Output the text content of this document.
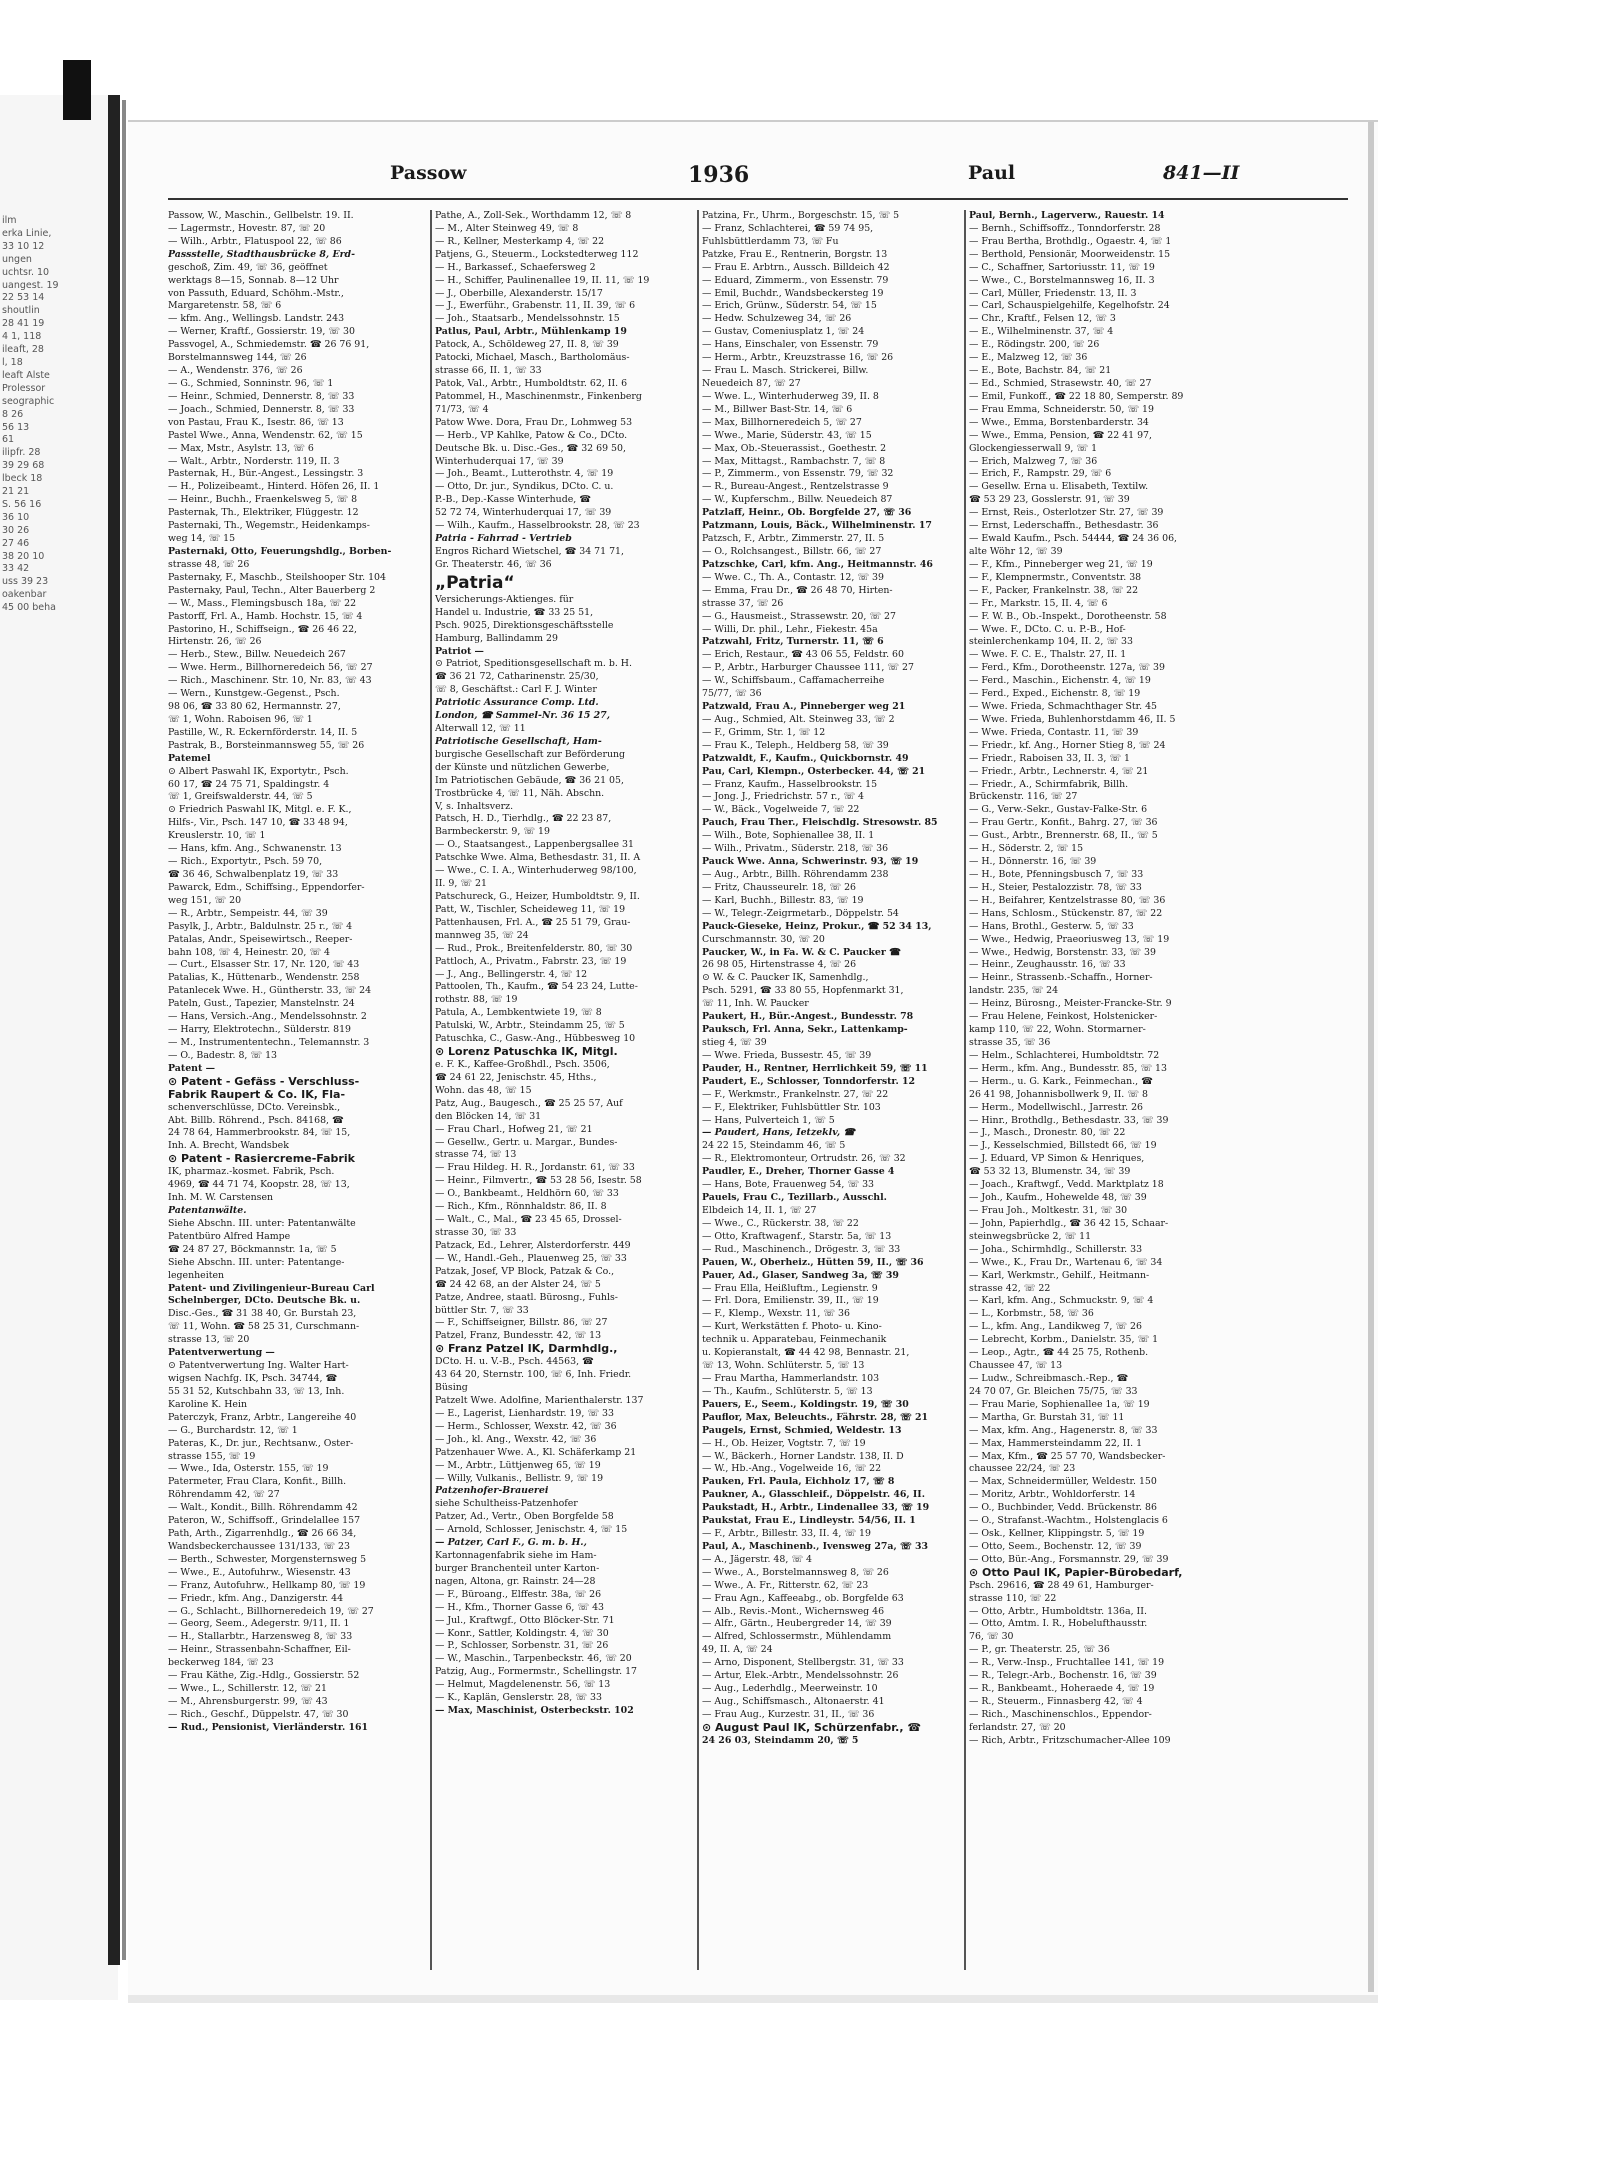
ilm
erka Linie,
33 10 12
ungen
uchtsr. 10
uangest. 19
22 53 14
shoutlin
28 41 19
4 1, 118
ileaft, 28
l, 18
leaft Alste
Prolessor
seographic
8 26
56 13
61
ilipfr. 28
39 29 68
lbeck 18
21 21
S. 56 16
36 10
30 26
27 46
38 20 10
33 42
uss 39 23
oakenbar
45 00 beha
Passow	1936	Paul	841—II
Passow, W., Maschin., Gellbelstr. 19. II.
— Lagermstr., Hovestr. 87, ☏ 20
— Wilh., Arbtr., Flatuspool 22, ☏ 86
Passstelle, Stadthausbrücke 8, Erd-
geschoß, Zim. 49, ☏ 36, geöffnet
werktags 8—15, Sonnab. 8—12 Uhr
von Passuth, Eduard, Schöhm.-Mstr.,
Margaretenstr. 58, ☏ 6
— kfm. Ang., Wellingsb. Landstr. 243
— Werner, Kraftf., Gossierstr. 19, ☏ 30
Passvogel, A., Schmiedemstr. ☎ 26 76 91,
Borstelmannsweg 144, ☏ 26
— A., Wendenstr. 376, ☏ 26
— G., Schmied, Sonninstr. 96, ☏ 1
— Heinr., Schmied, Dennerstr. 8, ☏ 33
— Joach., Schmied, Dennerstr. 8, ☏ 33
von Pastau, Frau K., Isestr. 86, ☏ 13
Pastel Wwe., Anna, Wendenstr. 62, ☏ 15
— Max, Mstr., Asylstr. 13, ☏ 6
— Walt., Arbtr., Norderstr. 119, II. 3
Pasternak, H., Bür.-Angest., Lessingstr. 3
— H., Polizeibeamt., Hinterd. Höfen 26, II. 1
— Heinr., Buchh., Fraenkelsweg 5, ☏ 8
Pasternak, Th., Elektriker, Flüggestr. 12
Pasternaki, Th., Wegemstr., Heidenkamps-
weg 14, ☏ 15
Pasternaki, Otto, Feuerungshdlg., Borben-
strasse 48, ☏ 26
Pasternaky, F., Maschb., Steilshooper Str. 104
Pasternaky, Paul, Techn., Alter Bauerberg 2
— W., Mass., Flemingsbusch 18a, ☏ 22
Pastorff, Frl. A., Hamb. Hochstr. 15, ☏ 4
Pastorino, H., Schiffseign., ☎ 26 46 22,
Hirtenstr. 26, ☏ 26
— Herb., Stew., Billw. Neuedeich 267
— Wwe. Herm., Billhorneredeich 56, ☏ 27
— Rich., Maschinenr. Str. 10, Nr. 83, ☏ 43
— Wern., Kunstgew.-Gegenst., Psch.
98 06, ☎ 33 80 62, Hermannstr. 27,
☏ 1, Wohn. Raboisen 96, ☏ 1
Pastille, W., R. Eckernförderstr. 14, II. 5
Pastrak, B., Borsteinmannsweg 55, ☏ 26
Patemel
⊙ Albert Paswahl IK, Exportytr., Psch.
60 17, ☎ 24 75 71, Spaldingstr. 4
☏ 1, Greifswalderstr. 44, ☏ 5
⊙ Friedrich Paswahl IK, Mitgl. e. F. K.,
Hilfs-, Vir., Psch. 147 10, ☎ 33 48 94,
Kreuslerstr. 10, ☏ 1
— Hans, kfm. Ang., Schwanenstr. 13
— Rich., Exportytr., Psch. 59 70,
☎ 36 46, Schwalbenplatz 19, ☏ 33
Pawarck, Edm., Schiffsing., Eppendorfer-
weg 151, ☏ 20
— R., Arbtr., Sempeistr. 44, ☏ 39
Pasylk, J., Arbtr., Baldulnstr. 25 r., ☏ 4
Patalas, Andr., Speisewirtsch., Reeper-
bahn 108, ☏ 4, Heinestr. 20, ☏ 4
— Curt., Elsasser Str. 17, Nr. 120, ☏ 43
Patalias, K., Hüttenarb., Wendenstr. 258
Patanlecek Wwe. H., Güntherstr. 33, ☏ 24
Pateln, Gust., Tapezier, Manstelnstr. 24
— Hans, Versich.-Ang., Mendelssohnstr. 2
— Harry, Elektrotechn., Sülderstr. 819
— M., Instrumententechn., Telemannstr. 3
— O., Badestr. 8, ☏ 13
Patent —
⊙ Patent - Gefäss - Verschluss-
Fabrik Raupert & Co. IK, Fla-
schenverschlüsse, DCto. Vereinsbk.,
Abt. Billb. Röhrend., Psch. 84168, ☎
24 78 64, Hammerbrookstr. 84, ☏ 15,
Inh. A. Brecht, Wandsbek
⊙ Patent - Rasiercreme-Fabrik
IK, pharmaz.-kosmet. Fabrik, Psch.
4969, ☎ 44 71 74, Koopstr. 28, ☏ 13,
Inh. M. W. Carstensen
Patentanwälte.
Siehe Abschn. III. unter: Patentanwälte
Patentbüro Alfred Hampe
☎ 24 87 27, Böckmannstr. 1a, ☏ 5
Siehe Abschn. III. unter: Patentange-
legenheiten
Patent- und Zivilingenieur-Bureau Carl
Schelnberger, DCto. Deutsche Bk. u.
Disc.-Ges., ☎ 31 38 40, Gr. Burstah 23,
☏ 11, Wohn. ☎ 58 25 31, Curschmann-
strasse 13, ☏ 20
Patentverwertung —
⊙ Patentverwertung Ing. Walter Hart-
wigsen Nachfg. IK, Psch. 34744, ☎
55 31 52, Kutschbahn 33, ☏ 13, Inh.
Karoline K. Hein
Paterczyk, Franz, Arbtr., Langereihe 40
— G., Burchardstr. 12, ☏ 1
Pateras, K., Dr. jur., Rechtsanw., Oster-
strasse 155, ☏ 19
— Wwe., Ida, Osterstr. 155, ☏ 19
Patermeter, Frau Clara, Konfit., Billh.
Röhrendamm 42, ☏ 27
— Walt., Kondit., Billh. Röhrendamm 42
Pateron, W., Schiffsoff., Grindelallee 157
Path, Arth., Zigarrenhdlg., ☎ 26 66 34,
Wandsbeckerchaussee 131/133, ☏ 23
— Berth., Schwester, Morgensternsweg 5
— Wwe., E., Autofuhrw., Wiesenstr. 43
— Franz, Autofuhrw., Hellkamp 80, ☏ 19
— Friedr., kfm. Ang., Danzigerstr. 44
— G., Schlacht., Billhorneredeich 19, ☏ 27
— Georg, Seem., Adegerstr. 9/11, II. 1
— H., Stallarbtr., Harzensweg 8, ☏ 33
— Heinr., Strassenbahn-Schaffner, Eil-
beckerweg 184, ☏ 23
— Frau Käthe, Zig.-Hdlg., Gossierstr. 52
— Wwe., L., Schillerstr. 12, ☏ 21
— M., Ahrensburgerstr. 99, ☏ 43
— Rich., Geschf., Düppelstr. 47, ☏ 30
— Rud., Pensionist, Vierländerstr. 161
Pathe, A., Zoll-Sek., Worthdamm 12, ☏ 8
— M., Alter Steinweg 49, ☏ 8
— R., Kellner, Mesterkamp 4, ☏ 22
Patjens, G., Steuerm., Lockstedterweg 112
— H., Barkassef., Schaefersweg 2
— H., Schiffer, Paulinenallee 19, II. 11, ☏ 19
— J., Oberbille, Alexanderstr. 15/17
— J., Ewerführ., Grabenstr. 11, II. 39, ☏ 6
— Joh., Staatsarb., Mendelssohnstr. 15
Patlus, Paul, Arbtr., Mühlenkamp 19
Patock, A., Schöldeweg 27, II. 8, ☏ 39
Patocki, Michael, Masch., Bartholomäus-
strasse 66, II. 1, ☏ 33
Patok, Val., Arbtr., Humboldtstr. 62, II. 6
Patommel, H., Maschinenmstr., Finkenberg
71/73, ☏ 4
Patow Wwe. Dora, Frau Dr., Lohmweg 53
— Herb., VP Kahlke, Patow & Co., DCto.
Deutsche Bk. u. Disc.-Ges., ☎ 32 69 50,
Winterhuderquai 17, ☏ 39
— Joh., Beamt., Lutterothstr. 4, ☏ 19
— Otto, Dr. jur., Syndikus, DCto. C. u.
P.-B., Dep.-Kasse Winterhude, ☎
52 72 74, Winterhuderquai 17, ☏ 39
— Wilh., Kaufm., Hasselbrookstr. 28, ☏ 23
Patria - Fahrrad - Vertrieb
Engros Richard Wietschel, ☎ 34 71 71,
Gr. Theaterstr. 46, ☏ 36
„Patria“
Versicherungs-Aktienges. für
Handel u. Industrie, ☎ 33 25 51,
Psch. 9025, Direktionsgeschäftsstelle
Hamburg, Ballindamm 29
Patriot —
⊙ Patriot, Speditionsgesellschaft m. b. H.
☎ 36 21 72, Catharinenstr. 25/30,
☏ 8, Geschäftst.: Carl F. J. Winter
Patriotic Assurance Comp. Ltd.
London, ☎ Sammel-Nr. 36 15 27,
Alterwall 12, ☏ 11
Patriotische Gesellschaft, Ham-
burgische Gesellschaft zur Beförderung
der Künste und nützlichen Gewerbe,
Im Patriotischen Gebäude, ☎ 36 21 05,
Trostbrücke 4, ☏ 11, Näh. Abschn.
V, s. Inhaltsverz.
Patsch, H. D., Tierhdlg., ☎ 22 23 87,
Barmbeckerstr. 9, ☏ 19
— O., Staatsangest., Lappenbergsallee 31
Patschke Wwe. Alma, Bethesdastr. 31, II. A
— Wwe., C. I. A., Winterhuderweg 98/100,
II. 9, ☏ 21
Patschureck, G., Heizer, Humboldtstr. 9, II.
Patt, W., Tischler, Scheideweg 11, ☏ 19
Pattenhausen, Frl. A., ☎ 25 51 79, Grau-
mannweg 35, ☏ 24
— Rud., Prok., Breitenfelderstr. 80, ☏ 30
Pattloch, A., Privatm., Fabrstr. 23, ☏ 19
— J., Ang., Bellingerstr. 4, ☏ 12
Pattoolen, Th., Kaufm., ☎ 54 23 24, Lutte-
rothstr. 88, ☏ 19
Patula, A., Lembkentwiete 19, ☏ 8
Patulski, W., Arbtr., Steindamm 25, ☏ 5
Patuschka, C., Gasw.-Ang., Hübbesweg 10
⊙ Lorenz Patuschka IK, Mitgl.
e. F. K., Kaffee-Großhdl., Psch. 3506,
☎ 24 61 22, Jenischstr. 45, Hths.,
Wohn. das 48, ☏ 15
Patz, Aug., Baugesch., ☎ 25 25 57, Auf
den Blöcken 14, ☏ 31
— Frau Charl., Hofweg 21, ☏ 21
— Gesellw., Gertr. u. Margar., Bundes-
strasse 74, ☏ 13
— Frau Hildeg. H. R., Jordanstr. 61, ☏ 33
— Heinr., Filmvertr., ☎ 53 28 56, Isestr. 58
— O., Bankbeamt., Heldhörn 60, ☏ 33
— Rich., Kfm., Rönnhaldstr. 86, II. 8
— Walt., C., Mal., ☎ 23 45 65, Drossel-
strasse 30, ☏ 33
Patzack, Ed., Lehrer, Alsterdorferstr. 449
— W., Handl.-Geh., Plauenweg 25, ☏ 33
Patzak, Josef, VP Block, Patzak & Co.,
☎ 24 42 68, an der Alster 24, ☏ 5
Patze, Andree, staatl. Bürosng., Fuhls-
büttler Str. 7, ☏ 33
— F., Schiffseigner, Billstr. 86, ☏ 27
Patzel, Franz, Bundesstr. 42, ☏ 13
⊙ Franz Patzel IK, Darmhdlg.,
DCto. H. u. V.-B., Psch. 44563, ☎
43 64 20, Sternstr. 100, ☏ 6, Inh. Friedr.
Büsing
Patzelt Wwe. Adolfine, Marienthalerstr. 137
— E., Lagerist, Lienhardstr. 19, ☏ 33
— Herm., Schlosser, Wexstr. 42, ☏ 36
— Joh., kl. Ang., Wexstr. 42, ☏ 36
Patzenhauer Wwe. A., Kl. Schäferkamp 21
— M., Arbtr., Lüttjenweg 65, ☏ 19
— Willy, Vulkanis., Bellistr. 9, ☏ 19
Patzenhofer-Brauerei
siehe Schultheiss-Patzenhofer
Patzer, Ad., Vertr., Oben Borgfelde 58
— Arnold, Schlosser, Jenischstr. 4, ☏ 15
— Patzer, Carl F., G. m. b. H.,
Kartonnagenfabrik siehe im Ham-
burger Branchenteil unter Karton-
nagen, Altona, gr. Rainstr. 24—28
— F., Büroang., Elffestr. 38a, ☏ 26
— H., Kfm., Thorner Gasse 6, ☏ 43
— Jul., Kraftwgf., Otto Blöcker-Str. 71
— Konr., Sattler, Koldingstr. 4, ☏ 30
— P., Schlosser, Sorbenstr. 31, ☏ 26
— W., Maschin., Tarpenbeckstr. 46, ☏ 20
Patzig, Aug., Formermstr., Schellingstr. 17
— Helmut, Magdelenenstr. 56, ☏ 13
— K., Kaplän, Genslerstr. 28, ☏ 33
— Max, Maschinist, Osterbeckstr. 102
Patzina, Fr., Uhrm., Borgeschstr. 15, ☏ 5
— Franz, Schlachterei, ☎ 59 74 95,
Fuhlsbüttlerdamm 73, ☏ Fu
Patzke, Frau E., Rentnerin, Borgstr. 13
— Frau E. Arbtrn., Aussch. Billdeich 42
— Eduard, Zimmerm., von Essenstr. 79
— Emil, Buchdr., Wandsbeckersteg 19
— Erich, Grünw., Süderstr. 54, ☏ 15
— Hedw. Schulzeweg 34, ☏ 26
— Gustav, Comeniusplatz 1, ☏ 24
— Hans, Einschaler, von Essenstr. 79
— Herm., Arbtr., Kreuzstrasse 16, ☏ 26
— Frau L. Masch. Strickerei, Billw.
Neuedeich 87, ☏ 27
— Wwe. L., Winterhuderweg 39, II. 8
— M., Billwer Bast-Str. 14, ☏ 6
— Max, Billhorneredeich 5, ☏ 27
— Wwe., Marie, Süderstr. 43, ☏ 15
— Max, Ob.-Steuerassist., Goethestr. 2
— Max, Mittagst., Rambachstr. 7, ☏ 8
— P., Zimmerm., von Essenstr. 79, ☏ 32
— R., Bureau-Angest., Rentzelstrasse 9
— W., Kupferschm., Billw. Neuedeich 87
Patzlaff, Heinr., Ob. Borgfelde 27, ☏ 36
Patzmann, Louis, Bäck., Wilhelminenstr. 17
Patzsch, F., Arbtr., Zimmerstr. 27, II. 5
— O., Rolchsangest., Billstr. 66, ☏ 27
Patzschke, Carl, kfm. Ang., Heitmannstr. 46
— Wwe. C., Th. A., Contastr. 12, ☏ 39
— Emma, Frau Dr., ☎ 26 48 70, Hirten-
strasse 37, ☏ 26
— G., Hausmeist., Strassewstr. 20, ☏ 27
— Willi, Dr. phil., Lehr., Fiekestr. 45a
Patzwahl, Fritz, Turnerstr. 11, ☏ 6
— Erich, Restaur., ☎ 43 06 55, Feldstr. 60
— P., Arbtr., Harburger Chaussee 111, ☏ 27
— W., Schiffsbaum., Caffamacherreihe
75/77, ☏ 36
Patzwald, Frau A., Pinneberger weg 21
— Aug., Schmied, Alt. Steinweg 33, ☏ 2
— F., Grimm, Str. 1, ☏ 12
— Frau K., Teleph., Heldberg 58, ☏ 39
Patzwaldt, F., Kaufm., Quickbornstr. 49
Pau, Carl, Klempn., Osterbecker. 44, ☏ 21
— Franz, Kaufm., Hasselbrookstr. 15
— Jong. J., Friedrichstr. 57 r., ☏ 4
— W., Bäck., Vogelweide 7, ☏ 22
Pauch, Frau Ther., Fleischdlg. Stresowstr. 85
— Wilh., Bote, Sophienallee 38, II. 1
— Wilh., Privatm., Süderstr. 218, ☏ 36
Pauck Wwe. Anna, Schwerinstr. 93, ☏ 19
— Aug., Arbtr., Billh. Röhrendamm 238
— Fritz, Chausseurelr. 18, ☏ 26
— Karl, Buchh., Billestr. 83, ☏ 19
— W., Telegr.-Zeigrmetarb., Döppelstr. 54
Pauck-Gieseke, Heinz, Prokur., ☎ 52 34 13,
Curschmannstr. 30, ☏ 20
Paucker, W., in Fa. W. & C. Paucker ☎
26 98 05, Hirtenstrasse 4, ☏ 26
⊙ W. & C. Paucker IK, Samenhdlg.,
Psch. 5291, ☎ 33 80 55, Hopfenmarkt 31,
☏ 11, Inh. W. Paucker
Paukert, H., Bür.-Angest., Bundesstr. 78
Pauksch, Frl. Anna, Sekr., Lattenkamp-
stieg 4, ☏ 39
— Wwe. Frieda, Bussestr. 45, ☏ 39
Pauder, H., Rentner, Herrlichkeit 59, ☏ 11
Paudert, E., Schlosser, Tonndorferstr. 12
— F., Werkmstr., Frankelnstr. 27, ☏ 22
— F., Elektriker, Fuhlsbüttler Str. 103
— Hans, Pulverteich 1, ☏ 5
— Paudert, Hans, Ietzeklv, ☎
24 22 15, Steindamm 46, ☏ 5
— R., Elektromonteur, Ortrudstr. 26, ☏ 32
Paudler, E., Dreher, Thorner Gasse 4
— Hans, Bote, Frauenweg 54, ☏ 33
Pauels, Frau C., Tezillarb., Ausschl.
Elbdeich 14, II. 1, ☏ 27
— Wwe., C., Rückerstr. 38, ☏ 22
— Otto, Kraftwagenf., Starstr. 5a, ☏ 13
— Rud., Maschinench., Drögestr. 3, ☏ 33
Pauen, W., Oberheiz., Hütten 59, II., ☏ 36
Pauer, Ad., Glaser, Sandweg 3a, ☏ 39
— Frau Ella, Heißluftm., Legienstr. 9
— Frl. Dora, Emilienstr. 39, II., ☏ 19
— F., Klemp., Wexstr. 11, ☏ 36
— Kurt, Werkstätten f. Photo- u. Kino-
technik u. Apparatebau, Feinmechanik
u. Kopieranstalt, ☎ 44 42 98, Bennastr. 21,
☏ 13, Wohn. Schlüterstr. 5, ☏ 13
— Frau Martha, Hammerlandstr. 103
— Th., Kaufm., Schlüterstr. 5, ☏ 13
Pauers, E., Seem., Koldingstr. 19, ☏ 30
Pauflor, Max, Beleuchts., Fährstr. 28, ☏ 21
Paugels, Ernst, Schmied, Weldestr. 13
— H., Ob. Heizer, Vogtstr. 7, ☏ 19
— W., Bäckerh., Horner Landstr. 138, II. D
— W., Hb.-Ang., Vogelweide 16, ☏ 22
Pauken, Frl. Paula, Eichholz 17, ☏ 8
Paukner, A., Glasschleif., Döppelstr. 46, II.
Paukstadt, H., Arbtr., Lindenallee 33, ☏ 19
Paukstat, Frau E., Lindleystr. 54/56, II. 1
— F., Arbtr., Billestr. 33, II. 4, ☏ 19
Paul, A., Maschinenb., Ivensweg 27a, ☏ 33
— A., Jägerstr. 48, ☏ 4
— Wwe., A., Borstelmannsweg 8, ☏ 26
— Wwe., A. Fr., Ritterstr. 62, ☏ 23
— Frau Agn., Kaffeeabg., ob. Borgfelde 63
— Alb., Revis.-Mont., Wichernsweg 46
— Alfr., Gärtn., Heubergreder 14, ☏ 39
— Alfred, Schlossermstr., Mühlendamm
49, II. A, ☏ 24
— Arno, Disponent, Stellbergstr. 31, ☏ 33
— Artur, Elek.-Arbtr., Mendelssohnstr. 26
— Aug., Lederhdlg., Meerweinstr. 10
— Aug., Schiffsmasch., Altonaerstr. 41
— Frau Aug., Kurzestr. 31, II., ☏ 36
⊙ August Paul IK, Schürzenfabr., ☎
24 26 03, Steindamm 20, ☏ 5
Paul, Bernh., Lagerverw., Rauestr. 14
— Bernh., Schiffsoffz., Tonndorferstr. 28
— Frau Bertha, Brothdlg., Ogaestr. 4, ☏ 1
— Berthold, Pensionär, Moorweidenstr. 15
— C., Schaffner, Sartoriusstr. 11, ☏ 19
— Wwe., C., Borstelmannsweg 16, II. 3
— Carl, Müller, Friedenstr. 13, II. 3
— Carl, Schauspielgehilfe, Kegelhofstr. 24
— Chr., Kraftf., Felsen 12, ☏ 3
— E., Wilhelminenstr. 37, ☏ 4
— E., Rödingstr. 200, ☏ 26
— E., Malzweg 12, ☏ 36
— E., Bote, Bachstr. 84, ☏ 21
— Ed., Schmied, Strasewstr. 40, ☏ 27
— Emil, Funkoff., ☎ 22 18 80, Semperstr. 89
— Frau Emma, Schneiderstr. 50, ☏ 19
— Wwe., Emma, Borstenbarderstr. 34
— Wwe., Emma, Pension, ☎ 22 41 97,
Glockengiesserwall 9, ☏ 1
— Erich, Malzweg 7, ☏ 36
— Erich, F., Rampstr. 29, ☏ 6
— Gesellw. Erna u. Elisabeth, Textilw.
☎ 53 29 23, Gosslerstr. 91, ☏ 39
— Ernst, Reis., Osterlotzer Str. 27, ☏ 39
— Ernst, Lederschaffn., Bethesdastr. 36
— Ewald Kaufm., Psch. 54444, ☎ 24 36 06,
alte Wöhr 12, ☏ 39
— F., Kfm., Pinneberger weg 21, ☏ 19
— F., Klempnermstr., Conventstr. 38
— F., Packer, Frankelnstr. 38, ☏ 22
— Fr., Markstr. 15, II. 4, ☏ 6
— F. W. B., Ob.-Inspekt., Dorotheenstr. 58
— Wwe. F., DCto. C. u. P.-B., Hof-
steinlerchenkamp 104, II. 2, ☏ 33
— Wwe. F. C. E., Thalstr. 27, II. 1
— Ferd., Kfm., Dorotheenstr. 127a, ☏ 39
— Ferd., Maschin., Eichenstr. 4, ☏ 19
— Ferd., Exped., Eichenstr. 8, ☏ 19
— Wwe. Frieda, Schmachthager Str. 45
— Wwe. Frieda, Buhlenhorstdamm 46, II. 5
— Wwe. Frieda, Contastr. 11, ☏ 39
— Friedr., kf. Ang., Horner Stieg 8, ☏ 24
— Friedr., Raboisen 33, II. 3, ☏ 1
— Friedr., Arbtr., Lechnerstr. 4, ☏ 21
— Friedr., A., Schirmfabrik, Billh.
Brückenstr. 116, ☏ 27
— G., Verw.-Sekr., Gustav-Falke-Str. 6
— Frau Gertr., Konfit., Bahrg. 27, ☏ 36
— Gust., Arbtr., Brennerstr. 68, II., ☏ 5
— H., Söderstr. 2, ☏ 15
— H., Dönnerstr. 16, ☏ 39
— H., Bote, Pfenningsbusch 7, ☏ 33
— H., Steier, Pestalozzistr. 78, ☏ 33
— H., Beifahrer, Kentzelstrasse 80, ☏ 36
— Hans, Schlosm., Stückenstr. 87, ☏ 22
— Hans, Brothl., Gesterw. 5, ☏ 33
— Wwe., Hedwig, Praeoriusweg 13, ☏ 19
— Wwe., Hedwig, Borstenstr. 33, ☏ 39
— Heinr., Zeughausstr. 16, ☏ 33
— Heinr., Strassenb.-Schaffn., Horner-
landstr. 235, ☏ 24
— Heinz, Bürosng., Meister-Francke-Str. 9
— Frau Helene, Feinkost, Holstenicker-
kamp 110, ☏ 22, Wohn. Stormarner-
strasse 35, ☏ 36
— Helm., Schlachterei, Humboldtstr. 72
— Herm., kfm. Ang., Bundesstr. 85, ☏ 13
— Herm., u. G. Kark., Feinmechan., ☎
26 41 98, Johannisbollwerk 9, II. ☏ 8
— Herm., Modellwischl., Jarrestr. 26
— Hinr., Brothdlg., Bethesdastr. 33, ☏ 39
— J., Masch., Dronestr. 80, ☏ 22
— J., Kesselschmied, Billstedt 66, ☏ 19
— J. Eduard, VP Simon & Henriques,
☎ 53 32 13, Blumenstr. 34, ☏ 39
— Joach., Kraftwgf., Vedd. Marktplatz 18
— Joh., Kaufm., Hohewelde 48, ☏ 39
— Frau Joh., Moltkestr. 31, ☏ 30
— John, Papierhdlg., ☎ 36 42 15, Schaar-
steinwegsbrücke 2, ☏ 11
— Joha., Schirmhdlg., Schillerstr. 33
— Wwe., K., Frau Dr., Wartenau 6, ☏ 34
— Karl, Werkmstr., Gehilf., Heitmann-
strasse 42, ☏ 22
— Karl, kfm. Ang., Schmuckstr. 9, ☏ 4
— L., Korbmstr., 58, ☏ 36
— L., kfm. Ang., Landikweg 7, ☏ 26
— Lebrecht, Korbm., Danielstr. 35, ☏ 1
— Leop., Agtr., ☎ 44 25 75, Rothenb.
Chaussee 47, ☏ 13
— Ludw., Schreibmasch.-Rep., ☎
24 70 07, Gr. Bleichen 75/75, ☏ 33
— Frau Marie, Sophienallee 1a, ☏ 19
— Martha, Gr. Burstah 31, ☏ 11
— Max, kfm. Ang., Hagenerstr. 8, ☏ 33
— Max, Hammersteindamm 22, II. 1
— Max, Kfm., ☎ 25 57 70, Wandsbecker-
chaussee 22/24, ☏ 23
— Max, Schneidermüller, Weldestr. 150
— Moritz, Arbtr., Wohldorferstr. 14
— O., Buchbinder, Vedd. Brückenstr. 86
— O., Strafanst.-Wachtm., Holstenglacis 6
— Osk., Kellner, Klippingstr. 5, ☏ 19
— Otto, Seem., Bochenstr. 12, ☏ 39
— Otto, Bür.-Ang., Forsmannstr. 29, ☏ 39
⊙ Otto Paul IK, Papier-Bürobedarf,
Psch. 29616, ☎ 28 49 61, Hamburger-
strasse 110, ☏ 22
— Otto, Arbtr., Humboldtstr. 136a, II.
— Otto, Amtm. I. R., Hobelufthausstr.
76, ☏ 30
— P., gr. Theaterstr. 25, ☏ 36
— R., Verw.-Insp., Fruchtallee 141, ☏ 19
— R., Telegr.-Arb., Bochenstr. 16, ☏ 39
— R., Bankbeamt., Hoheraede 4, ☏ 19
— R., Steuerm., Finnasberg 42, ☏ 4
— Rich., Maschinenschlos., Eppendor-
ferlandstr. 27, ☏ 20
— Rich, Arbtr., Fritzschumacher-Allee 109
